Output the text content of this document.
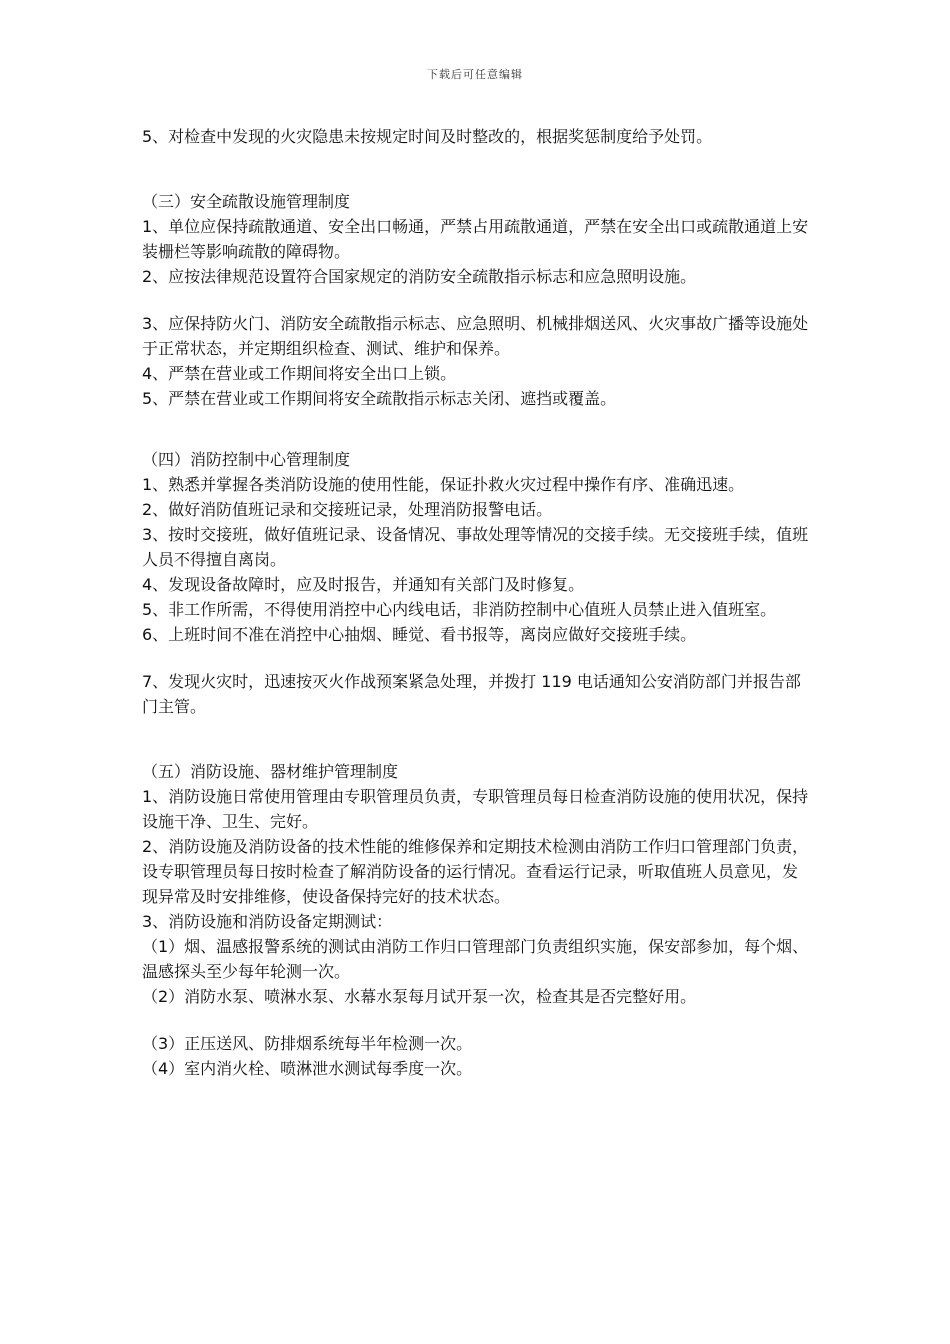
下载后可任意编辑

5、对检查中发现的火灾隐患未按规定时间及时整改的，根据奖惩制度给予处罚。

（三）安全疏散设施管理制度

1、单位应保持疏散通道、安全出口畅通，严禁占用疏散通道，严禁在安全出口或疏散通道上安装栅栏等影响疏散的障碍物。

2、应按法律规范设置符合国家规定的消防安全疏散指示标志和应急照明设施。

3、应保持防火门、消防安全疏散指示标志、应急照明、机械排烟送风、火灾事故广播等设施处于正常状态，并定期组织检查、测试、维护和保养。

4、严禁在营业或工作期间将安全出口上锁。

5、严禁在营业或工作期间将安全疏散指示标志关闭、遮挡或覆盖。

（四）消防控制中心管理制度

1、熟悉并掌握各类消防设施的使用性能，保证扑救火灾过程中操作有序、准确迅速。

2、做好消防值班记录和交接班记录，处理消防报警电话。

3、按时交接班，做好值班记录、设备情况、事故处理等情况的交接手续。无交接班手续，值班人员不得擅自离岗。

4、发现设备故障时，应及时报告，并通知有关部门及时修复。

5、非工作所需，不得使用消控中心内线电话，非消防控制中心值班人员禁止进入值班室。

6、上班时间不准在消控中心抽烟、睡觉、看书报等，离岗应做好交接班手续。

7、发现火灾时，迅速按灭火作战预案紧急处理，并拨打 119 电话通知公安消防部门并报告部门主管。

（五）消防设施、器材维护管理制度

1、消防设施日常使用管理由专职管理员负责，专职管理员每日检查消防设施的使用状况，保持设施干净、卫生、完好。

2、消防设施及消防设备的技术性能的维修保养和定期技术检测由消防工作归口管理部门负责，设专职管理员每日按时检查了解消防设备的运行情况。查看运行记录，听取值班人员意见，发现异常及时安排维修，使设备保持完好的技术状态。

3、消防设施和消防设备定期测试：

（1）烟、温感报警系统的测试由消防工作归口管理部门负责组织实施，保安部参加，每个烟、温感探头至少每年轮测一次。

（2）消防水泵、喷淋水泵、水幕水泵每月试开泵一次，检查其是否完整好用。

（3）正压送风、防排烟系统每半年检测一次。

（4）室内消火栓、喷淋泄水测试每季度一次。
